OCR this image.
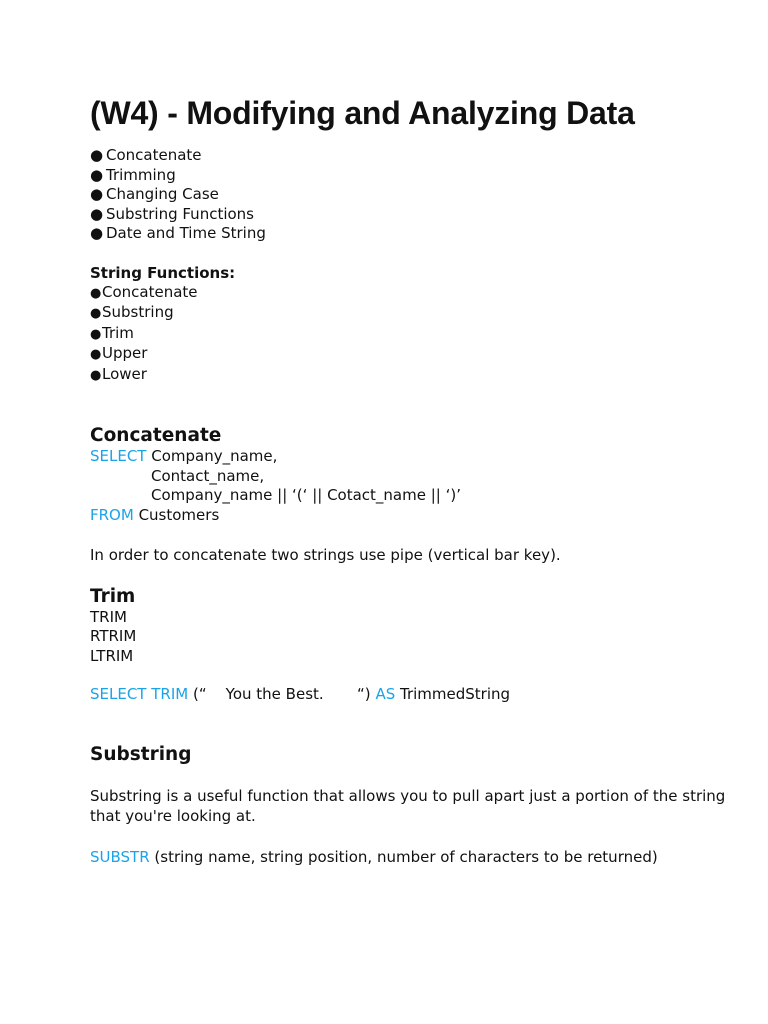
(W4) - Modifying and Analyzing Data
● Concatenate
● Trimming
● Changing Case
● Substring Functions
● Date and Time String
String Functions:
●Concatenate
●Substring
●Trim
●Upper
●Lower
Concatenate
SELECT Company_name,
Contact_name,
Company_name || ‘(‘ || Cotact_name || ‘)’
FROM Customers

In order to concatenate two strings use pipe (vertical bar key).

Trim
TRIM
RTRIM
LTRIM
SELECT TRIM (“    You the Best.       “) AS TrimmedString
Substring

Substring is a useful function that allows you to pull apart just a portion of the string that you're looking at.

SUBSTR (string name, string position, number of characters to be returned)
